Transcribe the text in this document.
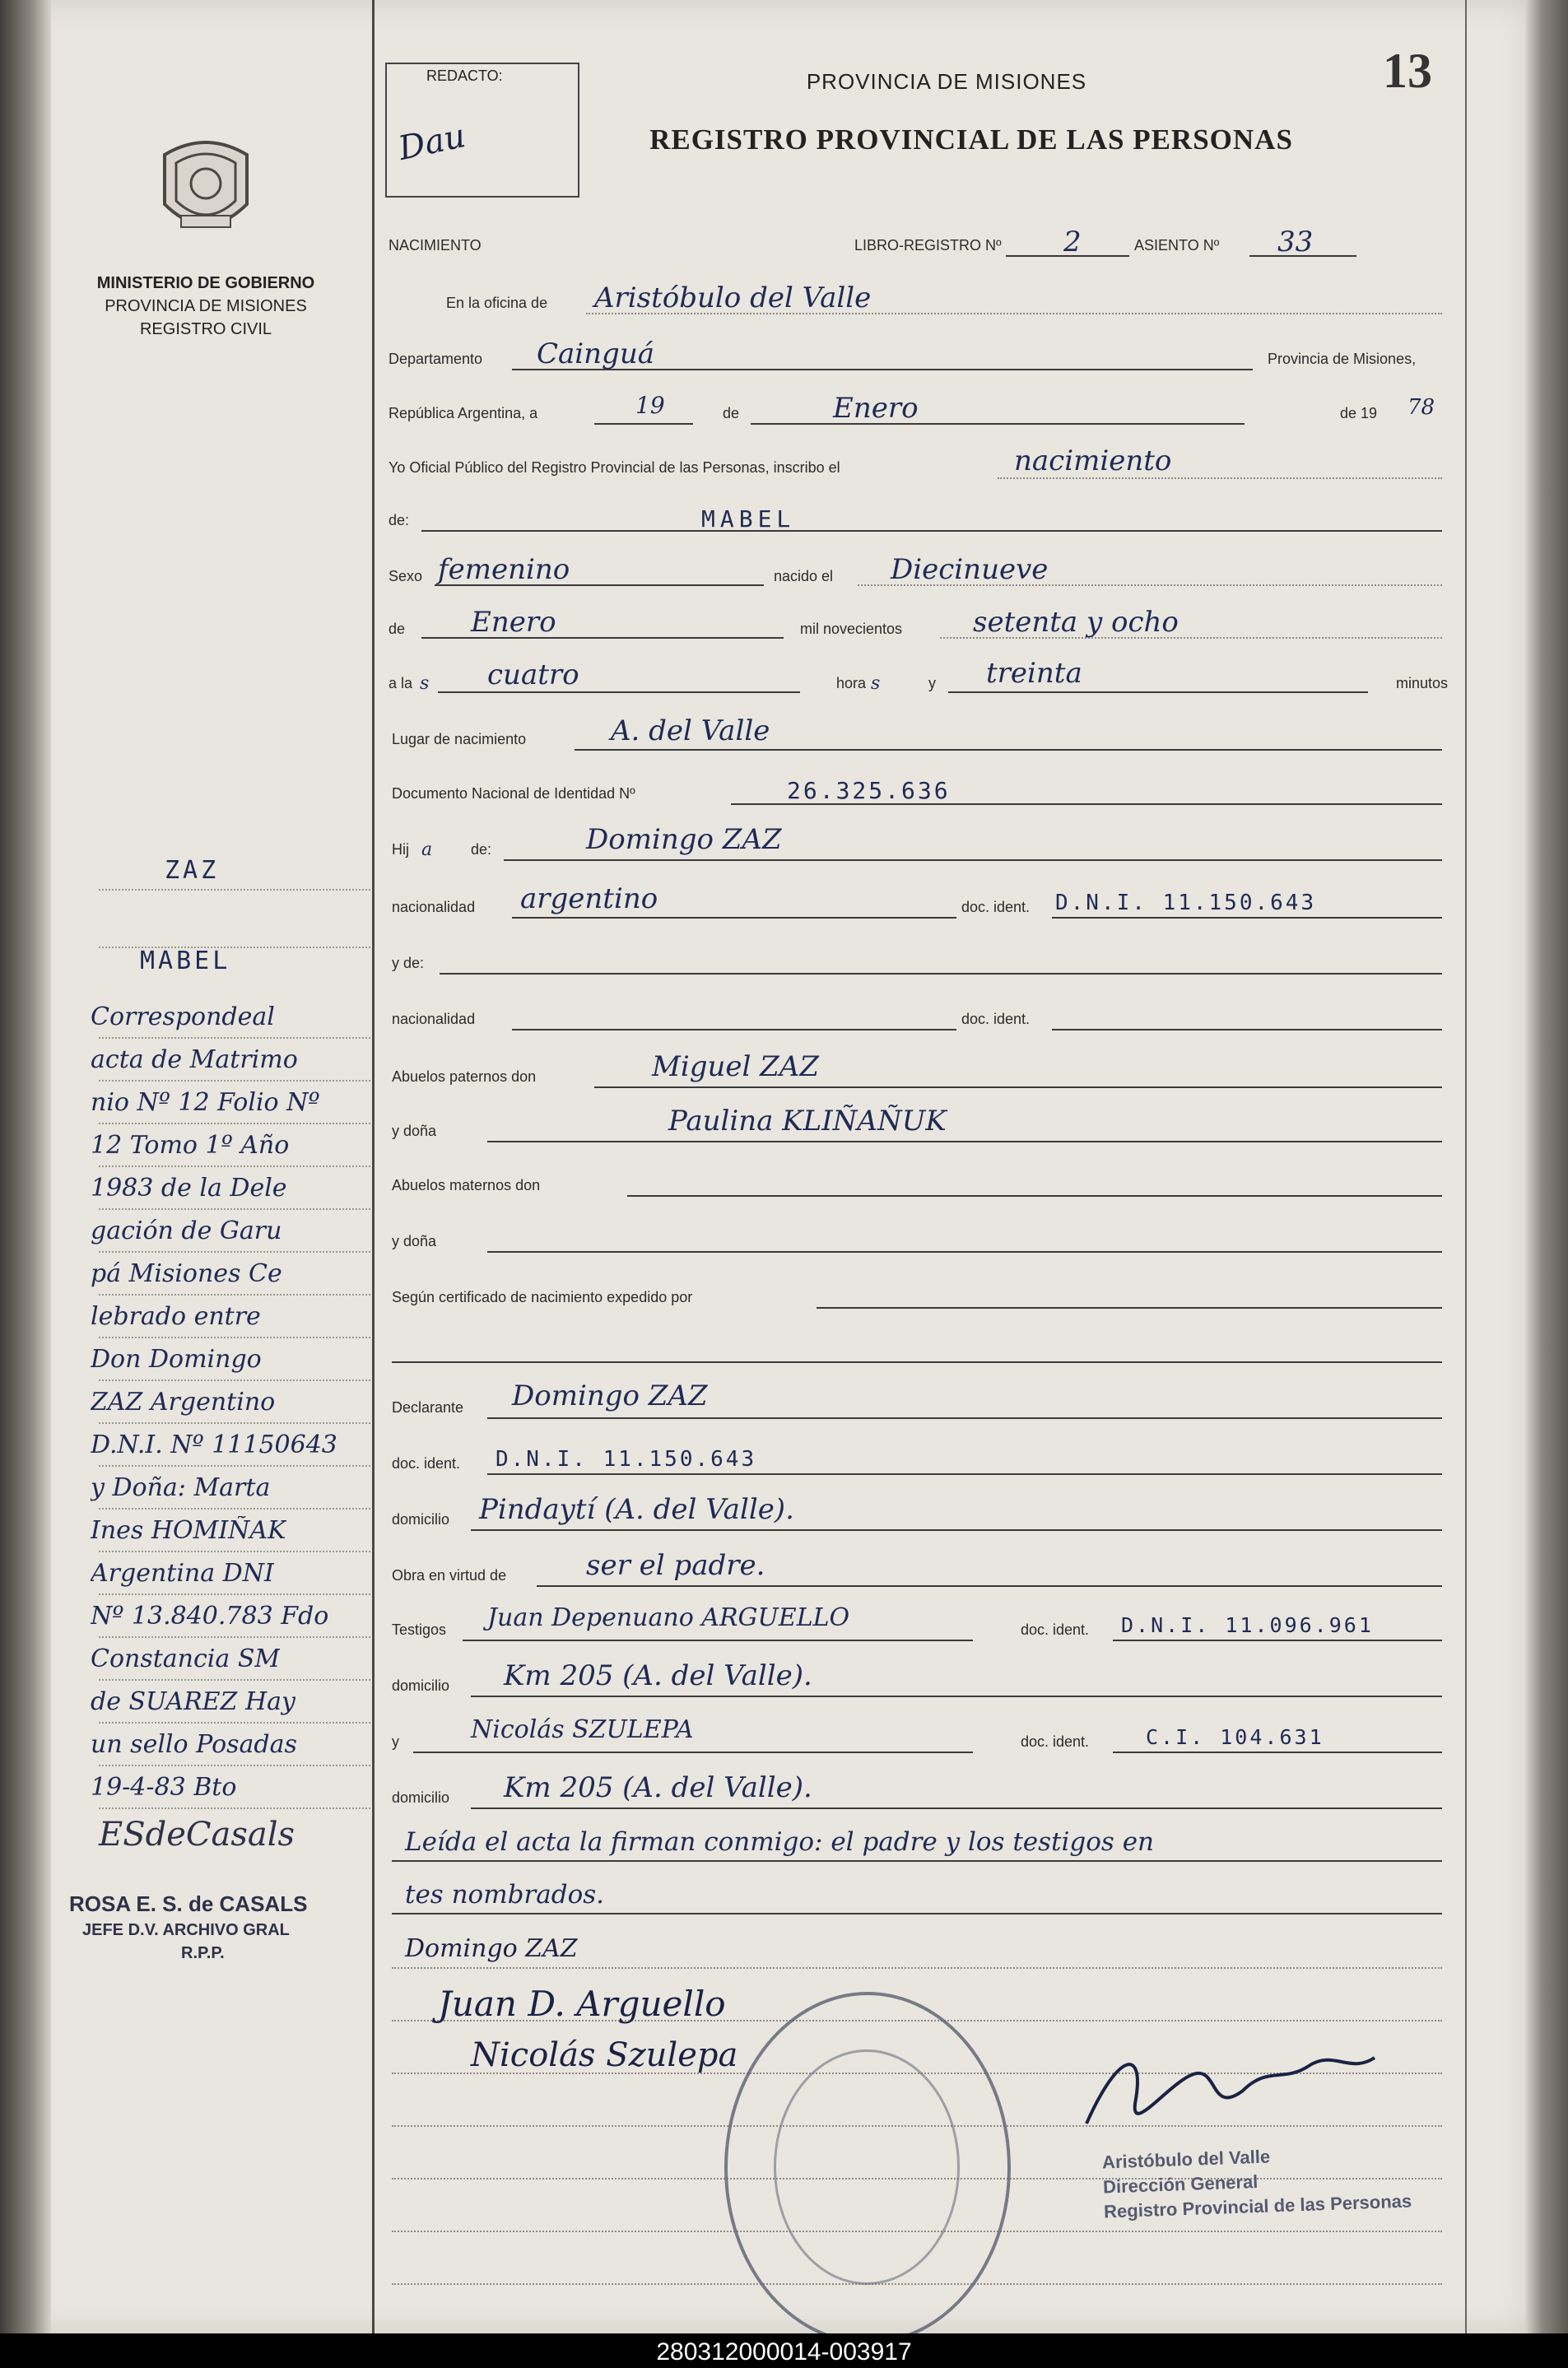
MINISTERIO DE GOBIERNO
PROVINCIA DE MISIONES
REGISTRO CIVIL
REDACTO:
Dau
PROVINCIA DE MISIONES
REGISTRO PROVINCIAL DE LAS PERSONAS
13
NACIMIENTO	LIBRO-REGISTRO Nº 2	ASIENTO Nº 33
En la oficina de Aristóbulo del Valle
Departamento Cainguá	Provincia de Misiones,
República Argentina, a	19	de	Enero	de 19 78
Yo Oficial Público del Registro Provincial de las Personas, inscribo el	nacimiento
de:	MABEL
Sexo femenino	nacido el Diecinueve
de Enero	mil novecientos	setenta y ocho
a la s cuatro	hora s	y treinta	minutos
Lugar de nacimiento	A. del Valle
Documento Nacional de Identidad Nº	26.325.636
Hij a	de:	Domingo ZAZ
nacionalidad argentino	doc. ident. D.N.I. 11.150.643
y de:
nacionalidad	doc. ident.
Abuelos paternos don	Miguel ZAZ
y doña	Paulina KLIÑAÑUK
Abuelos maternos don
y doña
Según certificado de nacimiento expedido por
Declarante Domingo ZAZ
doc. ident. D.N.I. 11.150.643
domicilio Pindaytí (A. del Valle).
Obra en virtud de	ser el padre.
Testigos Juan Depenuano ARGUELLO	doc. ident. D.N.I. 11.096.961
domicilio Km 205 (A. del Valle).
y	Nicolás SZULEPA	doc. ident.	C.I. 104.631
domicilio Km 205 (A. del Valle).
Leída el acta la firman conmigo: el padre y los testigos en
tes nombrados.
Domingo ZAZ
Juan D. Arguello
Nicolás Szulepa
Aristóbulo del Valle
Dirección General
Registro Provincial de las Personas
ZAZ
MABEL
ESdeCasals
ROSA E. S. de CASALS
JEFE D.V. ARCHIVO GRAL
R.P.P.
Correspondeal
acta de Matrimo
nio Nº 12 Folio Nº
12 Tomo 1º Año
1983 de la Dele
gación de Garu
pá Misiones Ce
lebrado entre
Don Domingo
ZAZ Argentino
D.N.I. Nº 11150643
y Doña: Marta
Ines HOMIÑAK
Argentina DNI
Nº 13.840.783 Fdo
Constancia SM
de SUAREZ Hay
un sello Posadas
19-4-83 Bto
280312000014-003917
